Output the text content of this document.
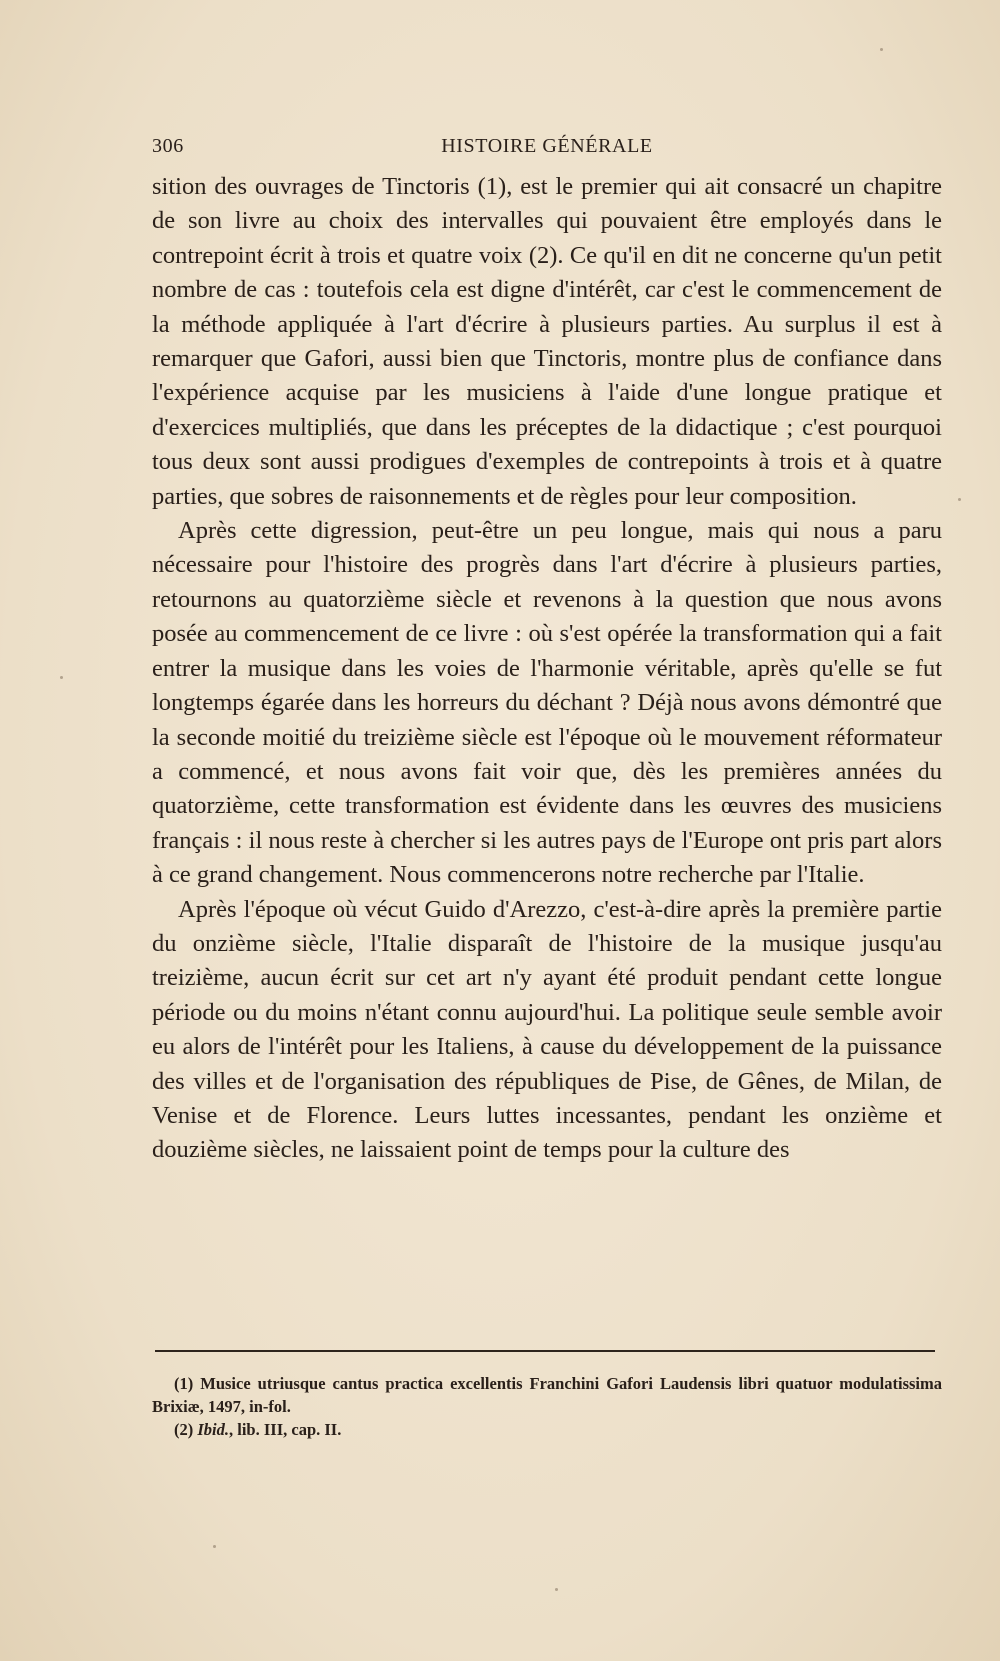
306	HISTOIRE GÉNÉRALE

sition des ouvrages de Tinctoris (1), est le premier qui ait consacré un chapitre de son livre au choix des intervalles qui pouvaient être employés dans le contrepoint écrit à trois et quatre voix (2). Ce qu'il en dit ne concerne qu'un petit nombre de cas : toutefois cela est digne d'intérêt, car c'est le commencement de la méthode appliquée à l'art d'écrire à plusieurs parties. Au surplus il est à remarquer que Gafori, aussi bien que Tinctoris, montre plus de confiance dans l'expérience acquise par les musiciens à l'aide d'une longue pratique et d'exercices multipliés, que dans les préceptes de la didactique ; c'est pourquoi tous deux sont aussi prodigues d'exemples de contrepoints à trois et à quatre parties, que sobres de raisonnements et de règles pour leur composition.

Après cette digression, peut-être un peu longue, mais qui nous a paru nécessaire pour l'histoire des progrès dans l'art d'écrire à plusieurs parties, retournons au quatorzième siècle et revenons à la question que nous avons posée au commencement de ce livre : où s'est opérée la transformation qui a fait entrer la musique dans les voies de l'harmonie véritable, après qu'elle se fut longtemps égarée dans les horreurs du déchant ? Déjà nous avons démontré que la seconde moitié du treizième siècle est l'époque où le mouvement réformateur a commencé, et nous avons fait voir que, dès les premières années du quatorzième, cette transformation est évidente dans les œuvres des musiciens français : il nous reste à chercher si les autres pays de l'Europe ont pris part alors à ce grand changement. Nous commencerons notre recherche par l'Italie.

Après l'époque où vécut Guido d'Arezzo, c'est-à-dire après la première partie du onzième siècle, l'Italie disparaît de l'histoire de la musique jusqu'au treizième, aucun écrit sur cet art n'y ayant été produit pendant cette longue période ou du moins n'étant connu aujourd'hui. La politique seule semble avoir eu alors de l'intérêt pour les Italiens, à cause du développement de la puissance des villes et de l'organisation des républiques de Pise, de Gênes, de Milan, de Venise et de Florence. Leurs luttes incessantes, pendant les onzième et douzième siècles, ne laissaient point de temps pour la culture des

(1) Musice utriusque cantus practica excellentis Franchini Gafori Laudensis libri quatuor modulatissima Brixiæ, 1497, in-fol.

(2) Ibid., lib. III, cap. II.
